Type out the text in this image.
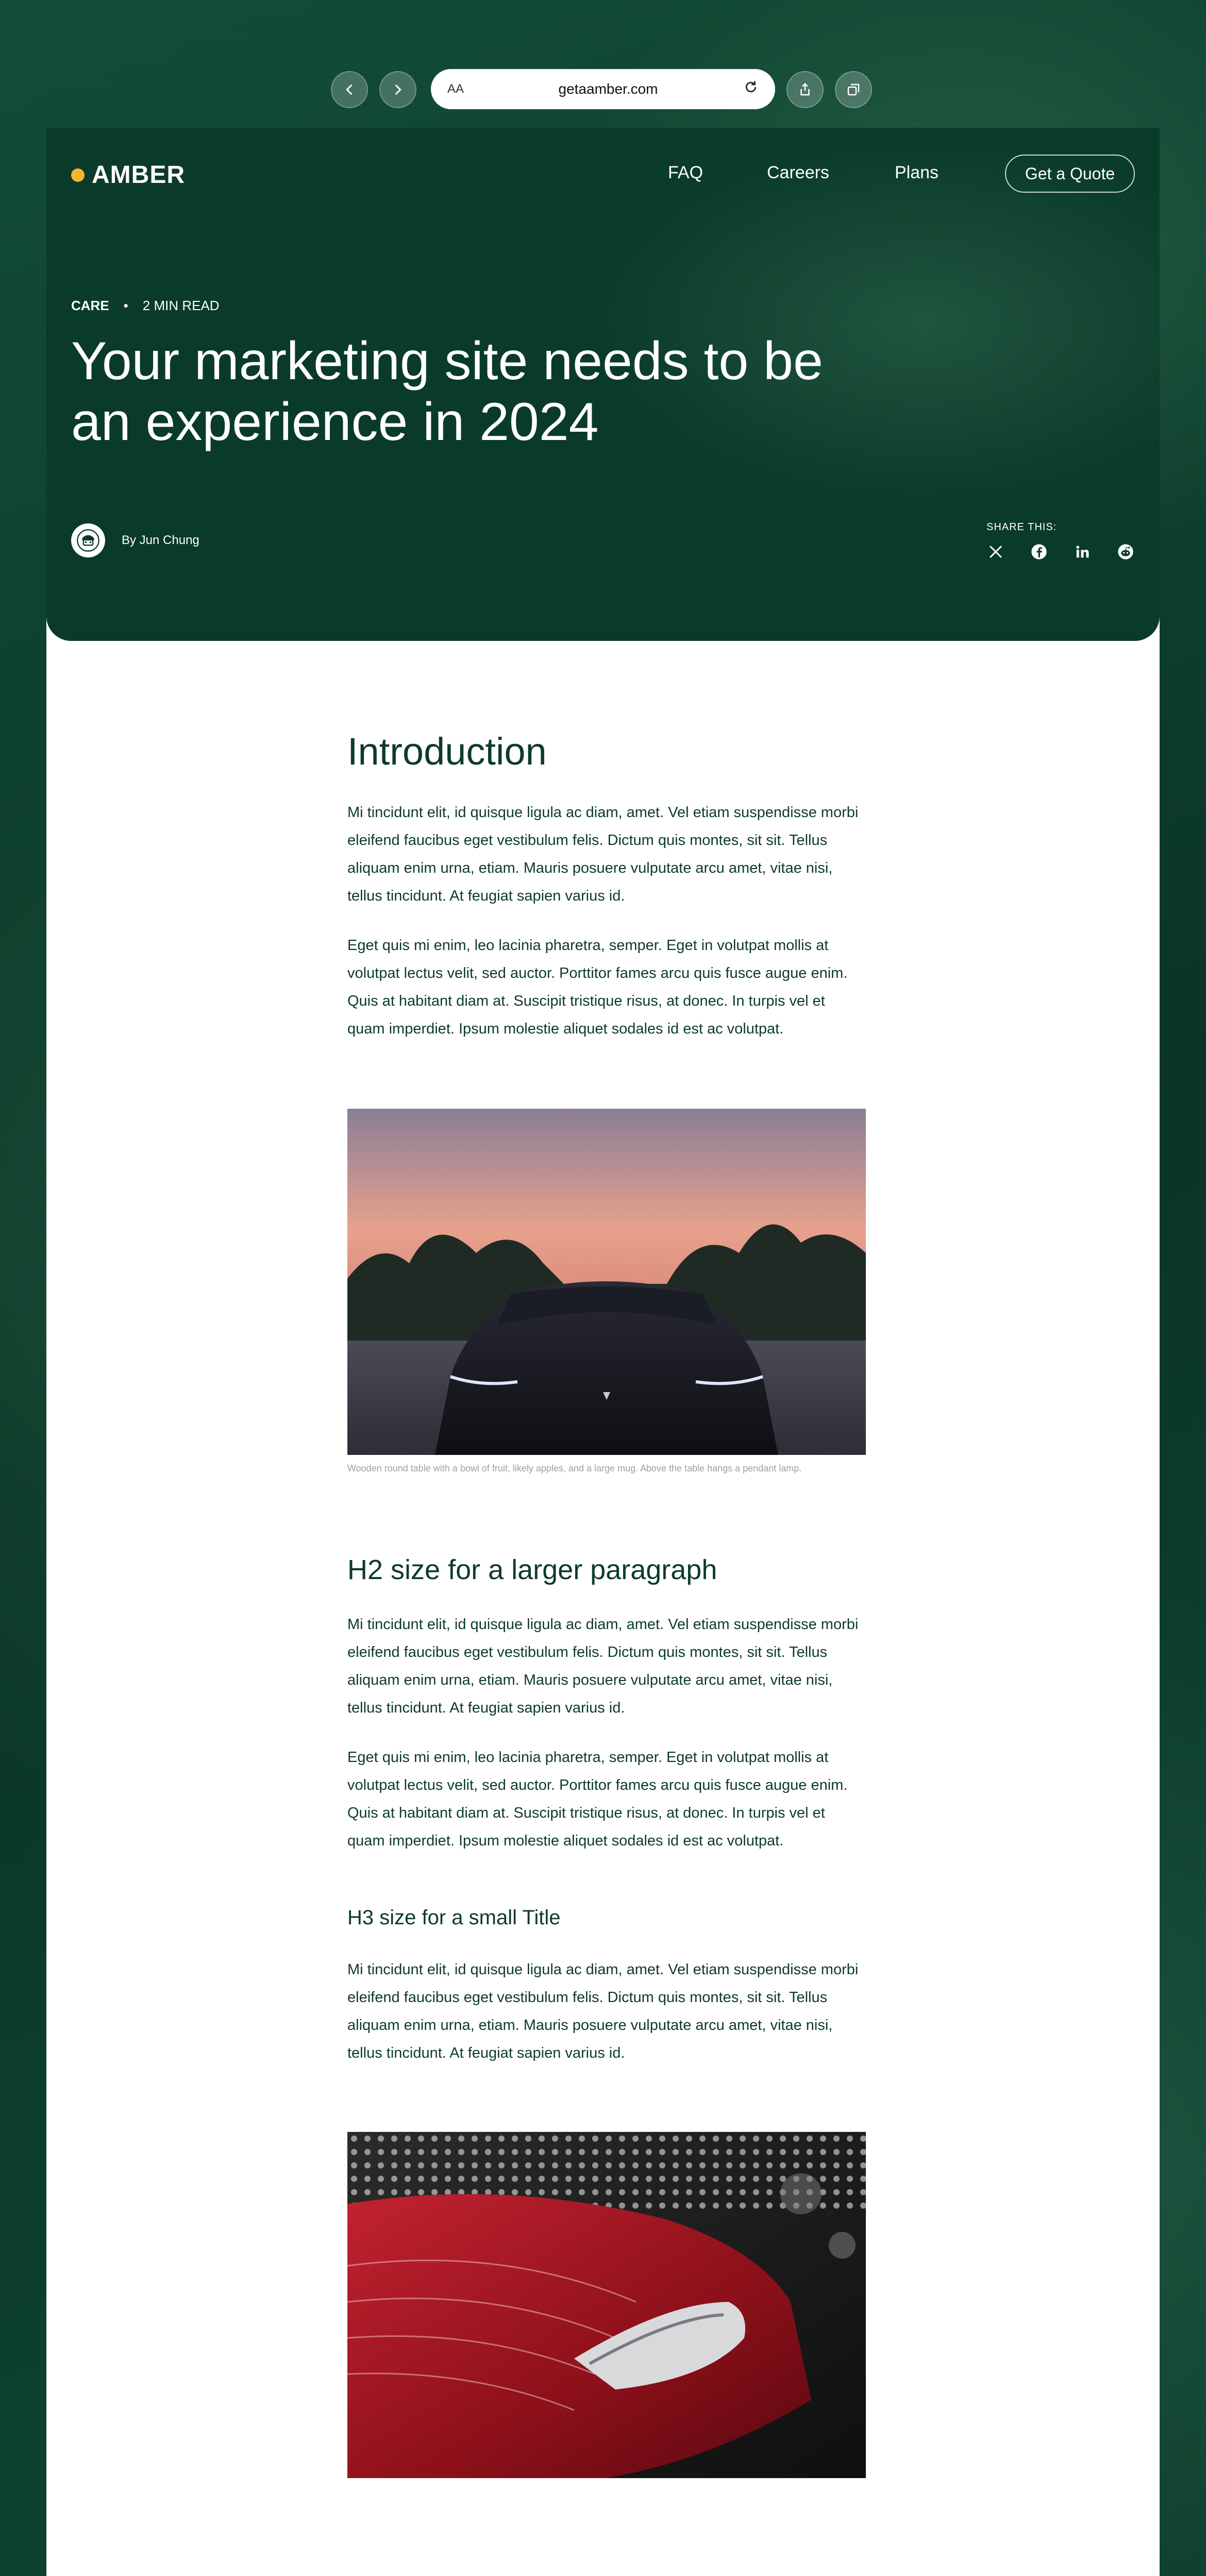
AA	getaamber.com
AMBER	FAQ	Careers	Plans	Get a Quote
CARE • 2 MIN READ
Your marketing site needs to be an experience in 2024
By Jun Chung
SHARE THIS:
Introduction

Mi tincidunt elit, id quisque ligula ac diam, amet. Vel etiam suspendisse morbi eleifend faucibus eget vestibulum felis. Dictum quis montes, sit sit. Tellus aliquam enim urna, etiam. Mauris posuere vulputate arcu amet, vitae nisi, tellus tincidunt. At feugiat sapien varius id.

Eget quis mi enim, leo lacinia pharetra, semper. Eget in volutpat mollis at volutpat lectus velit, sed auctor. Porttitor fames arcu quis fusce augue enim. Quis at habitant diam at. Suscipit tristique risus, at donec. In turpis vel et quam imperdiet. Ipsum molestie aliquet sodales id est ac volutpat.

Wooden round table with a bowl of fruit, likely apples, and a large mug. Above the table hangs a pendant lamp.
H2 size for a larger paragraph

Mi tincidunt elit, id quisque ligula ac diam, amet. Vel etiam suspendisse morbi eleifend faucibus eget vestibulum felis. Dictum quis montes, sit sit. Tellus aliquam enim urna, etiam. Mauris posuere vulputate arcu amet, vitae nisi, tellus tincidunt. At feugiat sapien varius id.

Eget quis mi enim, leo lacinia pharetra, semper. Eget in volutpat mollis at volutpat lectus velit, sed auctor. Porttitor fames arcu quis fusce augue enim. Quis at habitant diam at. Suscipit tristique risus, at donec. In turpis vel et quam imperdiet. Ipsum molestie aliquet sodales id est ac volutpat.

H3 size for a small Title

Mi tincidunt elit, id quisque ligula ac diam, amet. Vel etiam suspendisse morbi eleifend faucibus eget vestibulum felis. Dictum quis montes, sit sit. Tellus aliquam enim urna, etiam. Mauris posuere vulputate arcu amet, vitae nisi, tellus tincidunt. At feugiat sapien varius id.
